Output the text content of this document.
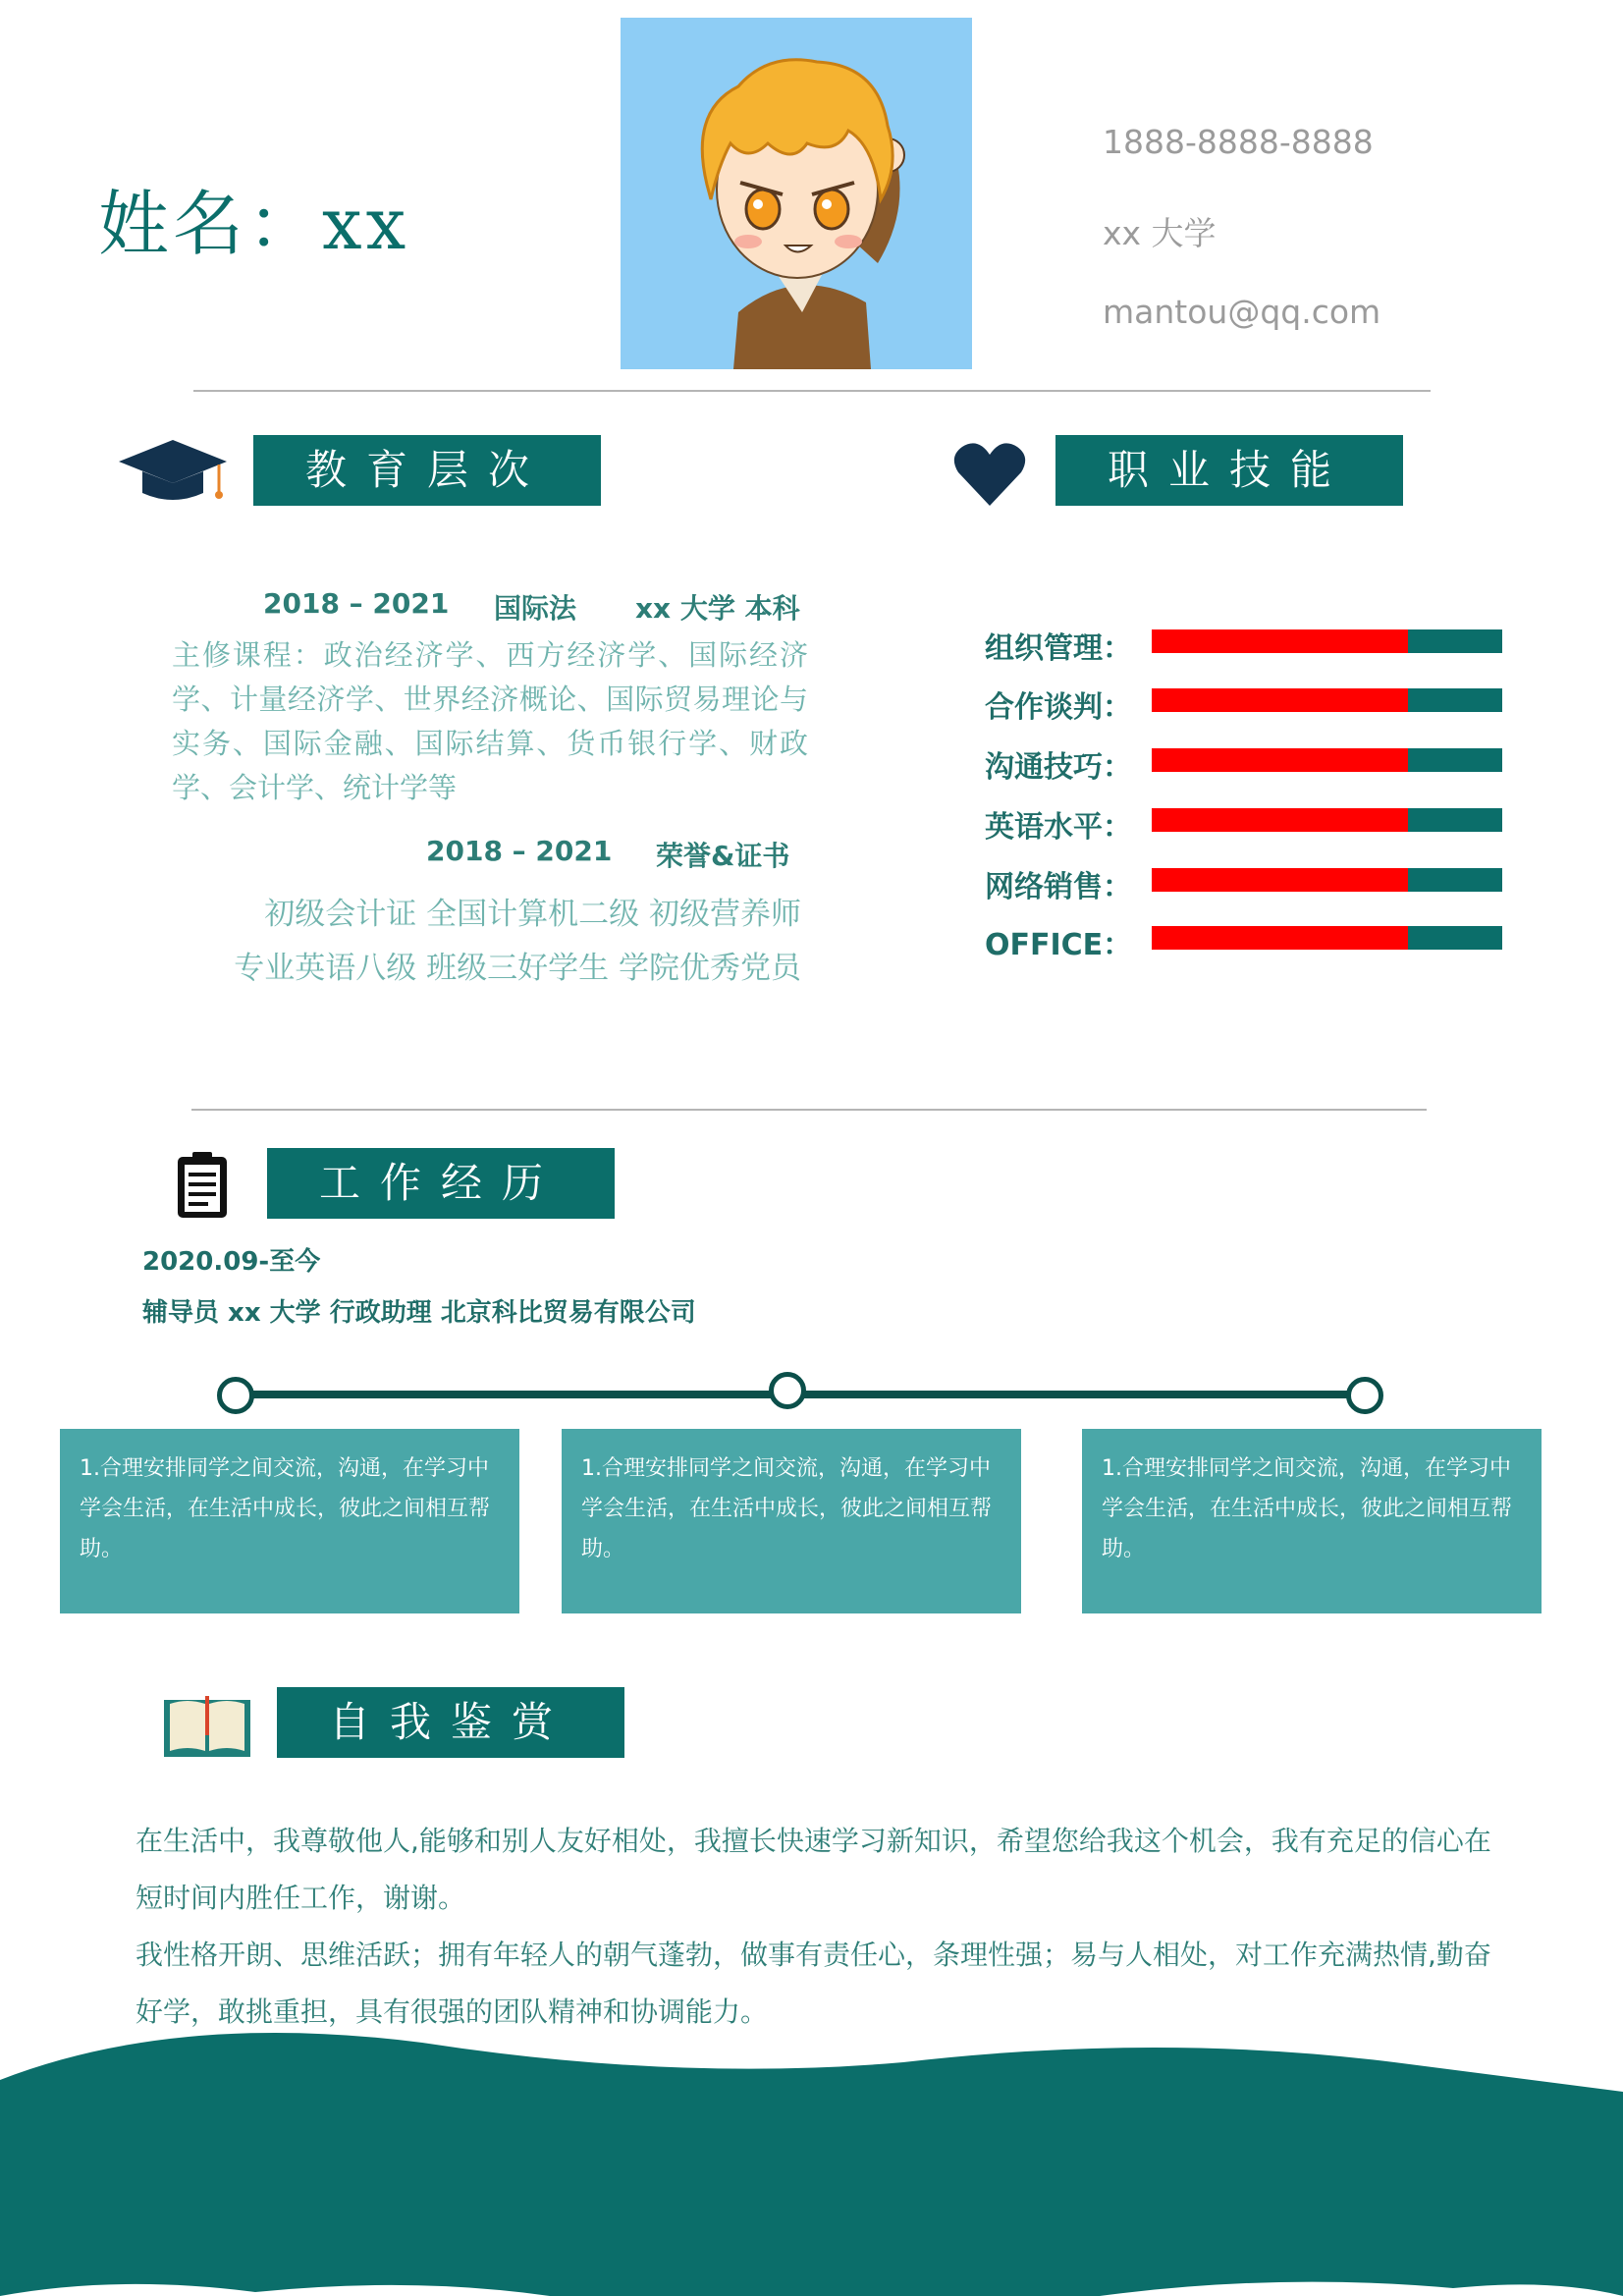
姓名：xx
1888-8888-8888
xx 大学
mantou@qq.com
教育层次	职业技能
2018 – 2021 国际法 xx 大学 本科
主修课程：政治经济学、西方经济学、国际经济学、计量经济学、世界经济概论、国际贸易理论与实务、国际金融、国际结算、货币银行学、财政学、会计学、统计学等
2018 – 2021 荣誉&证书
初级会计证 全国计算机二级 初级营养师
专业英语八级 班级三好学生 学院优秀党员
组织管理：
合作谈判：
沟通技巧：
英语水平：
网络销售：
OFFICE：
工作经历
2020.09-至今
辅导员 xx 大学 行政助理 北京科比贸易有限公司
1.合理安排同学之间交流，沟通，在学习中学会生活，在生活中成长，彼此之间相互帮助。
1.合理安排同学之间交流，沟通，在学习中学会生活，在生活中成长，彼此之间相互帮助。
1.合理安排同学之间交流，沟通，在学习中学会生活，在生活中成长，彼此之间相互帮助。
自我鉴赏
在生活中，我尊敬他人,能够和别人友好相处，我擅长快速学习新知识，希望您给我这个机会，我有充足的信心在短时间内胜任工作，谢谢。
我性格开朗、思维活跃；拥有年轻人的朝气蓬勃，做事有责任心，条理性强；易与人相处，对工作充满热情,勤奋好学，敢挑重担，具有很强的团队精神和协调能力。
